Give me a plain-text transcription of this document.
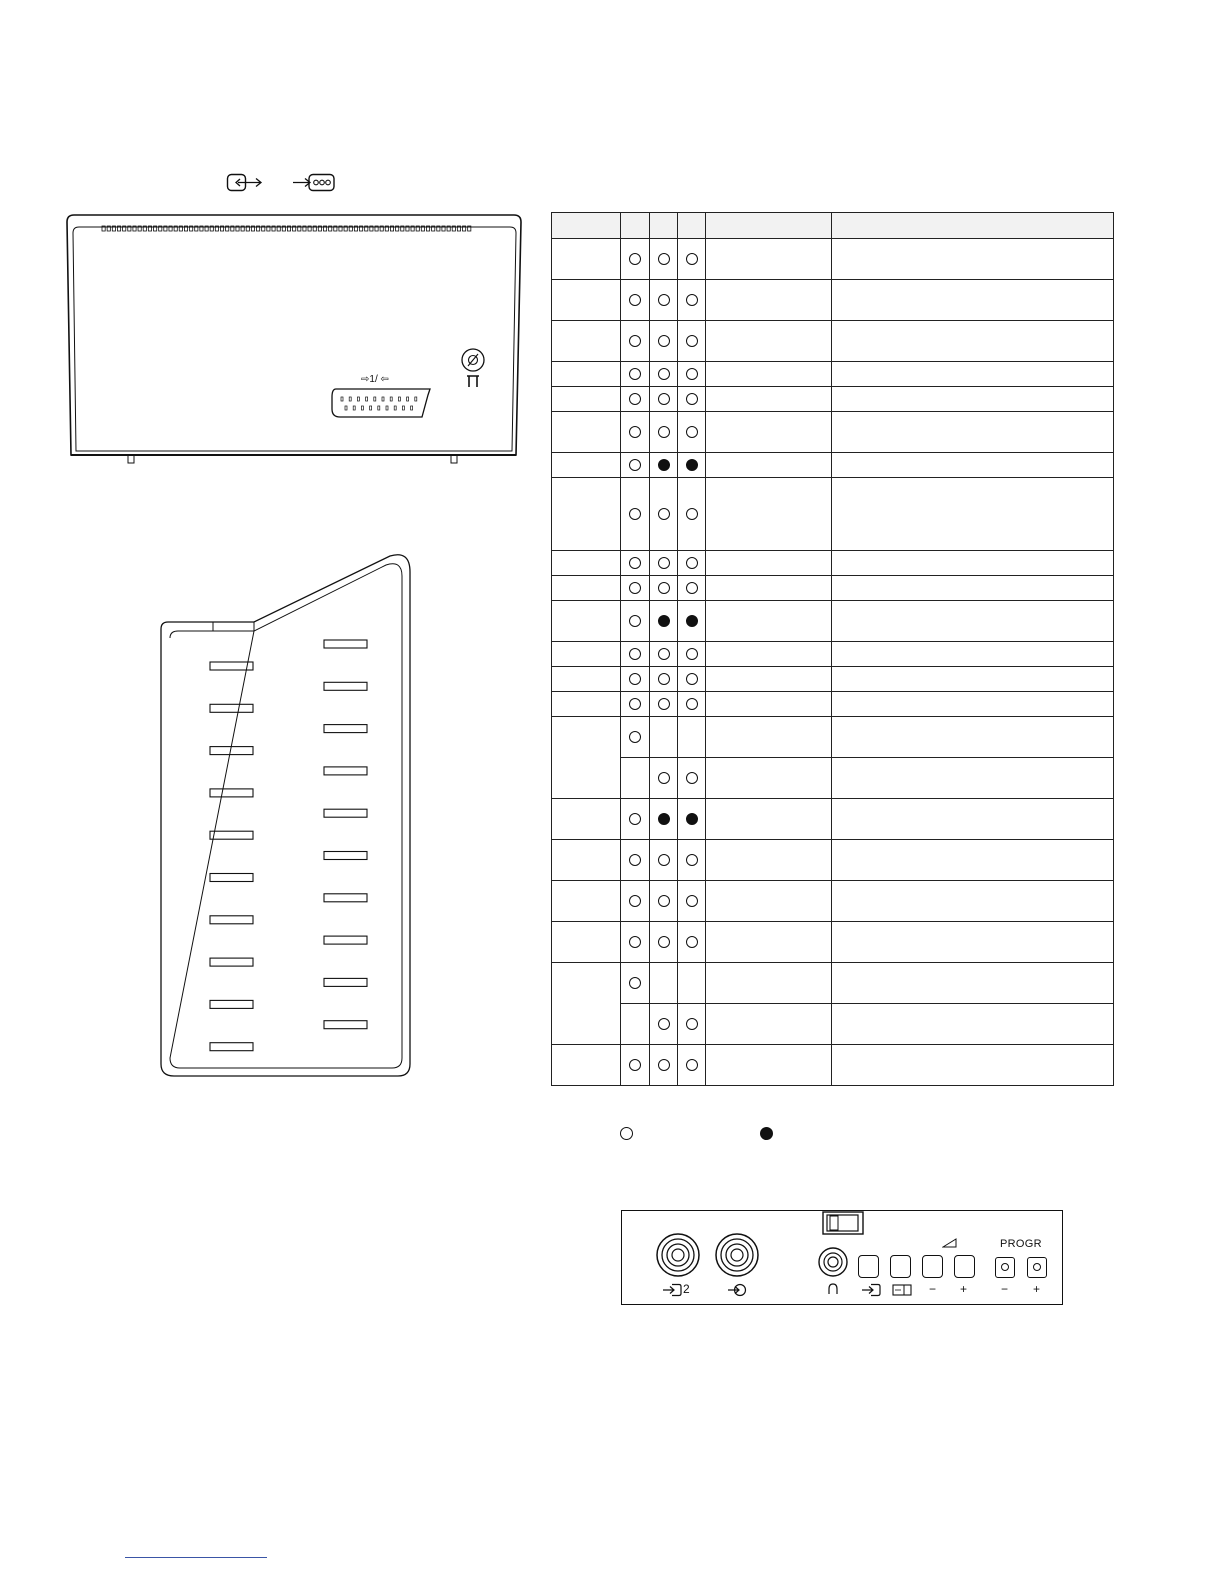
⇨1/ ⇦

PROGR
2	− +	− +
